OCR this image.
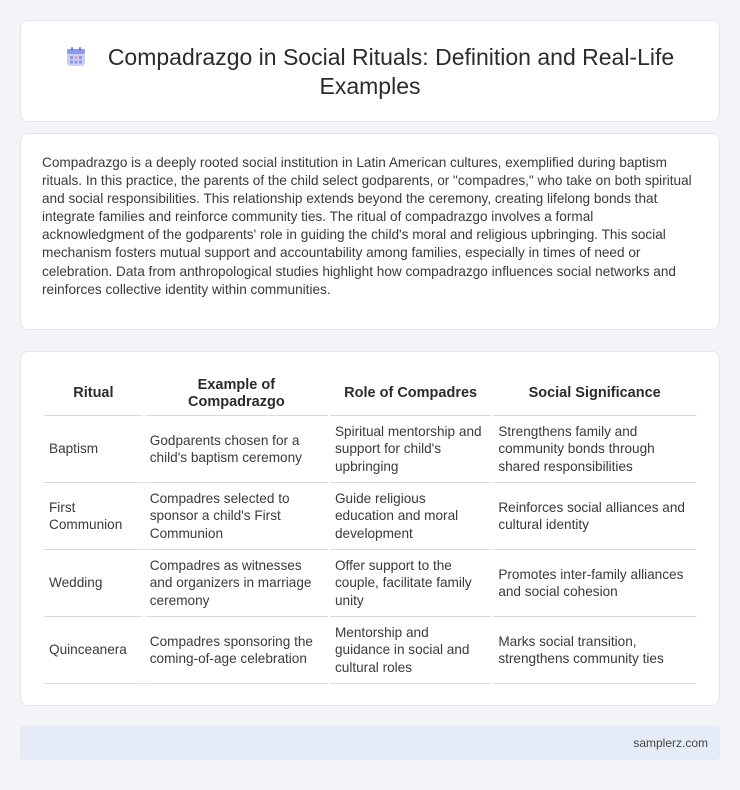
Compadrazgo in Social Rituals: Definition and Real-Life Examples

Compadrazgo is a deeply rooted social institution in Latin American cultures, exemplified during baptism rituals. In this practice, the parents of the child select godparents, or "compadres," who take on both spiritual and social responsibilities. This relationship extends beyond the ceremony, creating lifelong bonds that integrate families and reinforce community ties. The ritual of compadrazgo involves a formal acknowledgment of the godparents' role in guiding the child's moral and religious upbringing. This social mechanism fosters mutual support and accountability among families, especially in times of need or celebration. Data from anthropological studies highlight how compadrazgo influences social networks and reinforces collective identity within communities.

Ritual	Example of Compadrazgo	Role of Compadres	Social Significance
Baptism	Godparents chosen for a child's baptism ceremony	Spiritual mentorship and support for child's upbringing	Strengthens family and community bonds through shared responsibilities
First Communion	Compadres selected to sponsor a child's First Communion	Guide religious education and moral development	Reinforces social alliances and cultural identity
Wedding	Compadres as witnesses and organizers in marriage ceremony	Offer support to the couple, facilitate family unity	Promotes inter-family alliances and social cohesion
Quinceanera	Compadres sponsoring the coming-of-age celebration	Mentorship and guidance in social and cultural roles	Marks social transition, strengthens community ties
samplerz.com
